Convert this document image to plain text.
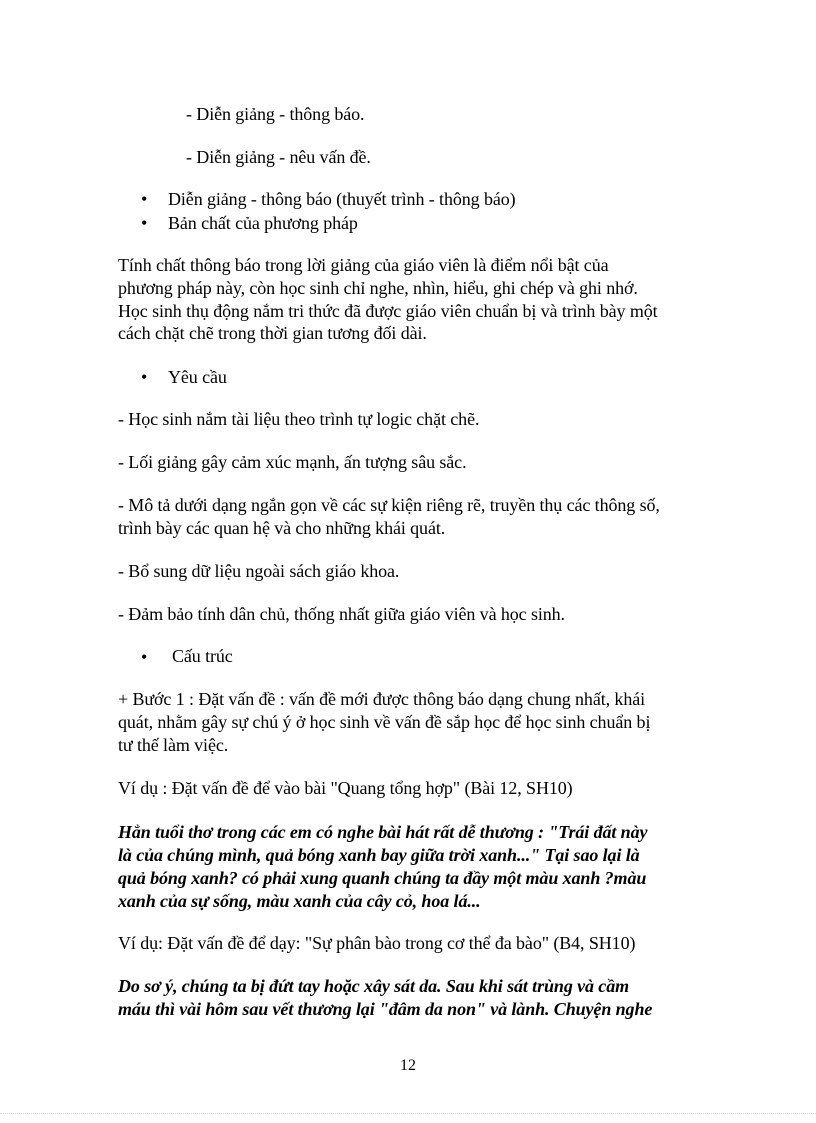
- Diễn giảng - thông báo.
- Diễn giảng - nêu vấn đề.
• Diễn giảng - thông báo (thuyết trình - thông báo)
• Bản chất của phương pháp
Tính chất thông báo trong lời giảng của giáo viên là điểm nổi bật của
phương pháp này, còn học sinh chỉ nghe, nhìn, hiểu, ghi chép và ghi nhớ.
Học sinh thụ động nắm tri thức đã được giáo viên chuẩn bị và trình bày một
cách chặt chẽ trong thời gian tương đối dài.
• Yêu cầu
- Học sinh nắm tài liệu theo trình tự logic chặt chẽ.
- Lối giảng gây cảm xúc mạnh, ấn tượng sâu sắc.
- Mô tả dưới dạng ngắn gọn về các sự kiện riêng rẽ, truyền thụ các thông số,
trình bày các quan hệ và cho những khái quát.
- Bổ sung dữ liệu ngoài sách giáo khoa.
- Đảm bảo tính dân chủ, thống nhất giữa giáo viên và học sinh.
• Cấu trúc
+ Bước 1 : Đặt vấn đề : vấn đề mới được thông báo dạng chung nhất, khái
quát, nhằm gây sự chú ý ở học sinh về vấn đề sắp học để học sinh chuẩn bị
tư thế làm việc.
Ví dụ : Đặt vấn đề để vào bài "Quang tổng hợp" (Bài 12, SH10)
Hẳn tuổi thơ trong các em có nghe bài hát rất dễ thương : "Trái đất này
là của chúng mình, quả bóng xanh bay giữa trời xanh..." Tại sao lại là
quả bóng xanh? có phải xung quanh chúng ta đầy một màu xanh ?màu
xanh của sự sống, màu xanh của cây cỏ, hoa lá...
Ví dụ: Đặt vấn đề để dạy: "Sự phân bào trong cơ thể đa bào" (B4, SH10)
Do sơ ý, chúng ta bị đứt tay hoặc xây sát da. Sau khi sát trùng và cầm
máu thì vài hôm sau vết thương lại "đâm da non" và lành. Chuyện nghe
12
